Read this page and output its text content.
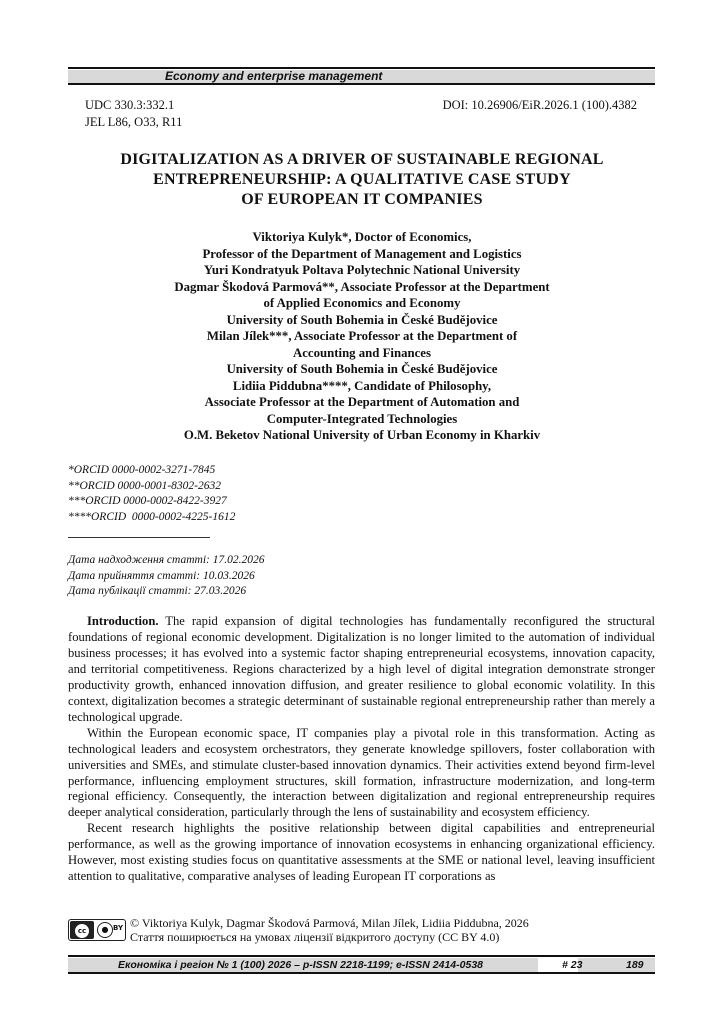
Economy and enterprise management
UDC 330.3:332.1
JEL L86, O33, R11
DOI: 10.26906/EiR.2026.1 (100).4382
DIGITALIZATION AS A DRIVER OF SUSTAINABLE REGIONAL
ENTREPRENEURSHIP: A QUALITATIVE CASE STUDY
OF EUROPEAN IT COMPANIES
Viktoriya Kulyk*, Doctor of Economics,
Professor of the Department of Management and Logistics
Yuri Kondratyuk Poltava Polytechnic National University
Dagmar Škodová Parmová**, Associate Professor at the Department
of Applied Economics and Economy
University of South Bohemia in České Budějovice
Milan Jílek***, Associate Professor at the Department of
Accounting and Finances
University of South Bohemia in České Budějovice
Lidiia Piddubna****, Candidate of Philosophy,
Associate Professor at the Department of Automation and
Computer-Integrated Technologies
O.M. Beketov National University of Urban Economy in Kharkiv
*ORCID 0000-0002-3271-7845
**ORCID 0000-0001-8302-2632
***ORCID 0000-0002-8422-3927
****ORCID  0000-0002-4225-1612
Дата надходження статті: 17.02.2026
Дата прийняття статті: 10.03.2026
Дата публікації статті: 27.03.2026

Introduction. The rapid expansion of digital technologies has fundamentally reconfigured the structural foundations of regional economic development. Digitalization is no longer limited to the automation of individual business processes; it has evolved into a systemic factor shaping entrepreneurial ecosystems, innovation capacity, and territorial competitiveness. Regions characterized by a high level of digital integration demonstrate stronger productivity growth, enhanced innovation diffusion, and greater resilience to global economic volatility. In this context, digitalization becomes a strategic determinant of sustainable regional entrepreneurship rather than merely a technological upgrade.

Within the European economic space, IT companies play a pivotal role in this transformation. Acting as technological leaders and ecosystem orchestrators, they generate knowledge spillovers, foster collaboration with universities and SMEs, and stimulate cluster-based innovation dynamics. Their activities extend beyond firm-level performance, influencing employment structures, skill formation, infrastructure modernization, and long-term regional efficiency. Consequently, the interaction between digitalization and regional entrepreneurship requires deeper analytical consideration, particularly through the lens of sustainability and ecosystem efficiency.

Recent research highlights the positive relationship between digital capabilities and entrepreneurial performance, as well as the growing importance of innovation ecosystems in enhancing organizational efficiency. However, most existing studies focus on quantitative assessments at the SME or national level, leaving insufficient attention to qualitative, comparative analyses of leading European IT corporations as

cc	● BY © Viktoriya Kulyk, Dagmar Škodová Parmová, Milan Jílek, Lidiia Piddubna, 2026
Стаття поширюється на умовах ліцензії відкритого доступу (CC BY 4.0)
Економіка і регіон № 1 (100) 2026 – p-ISSN 2218-1199; e-ISSN 2414-0538	# 23	189
